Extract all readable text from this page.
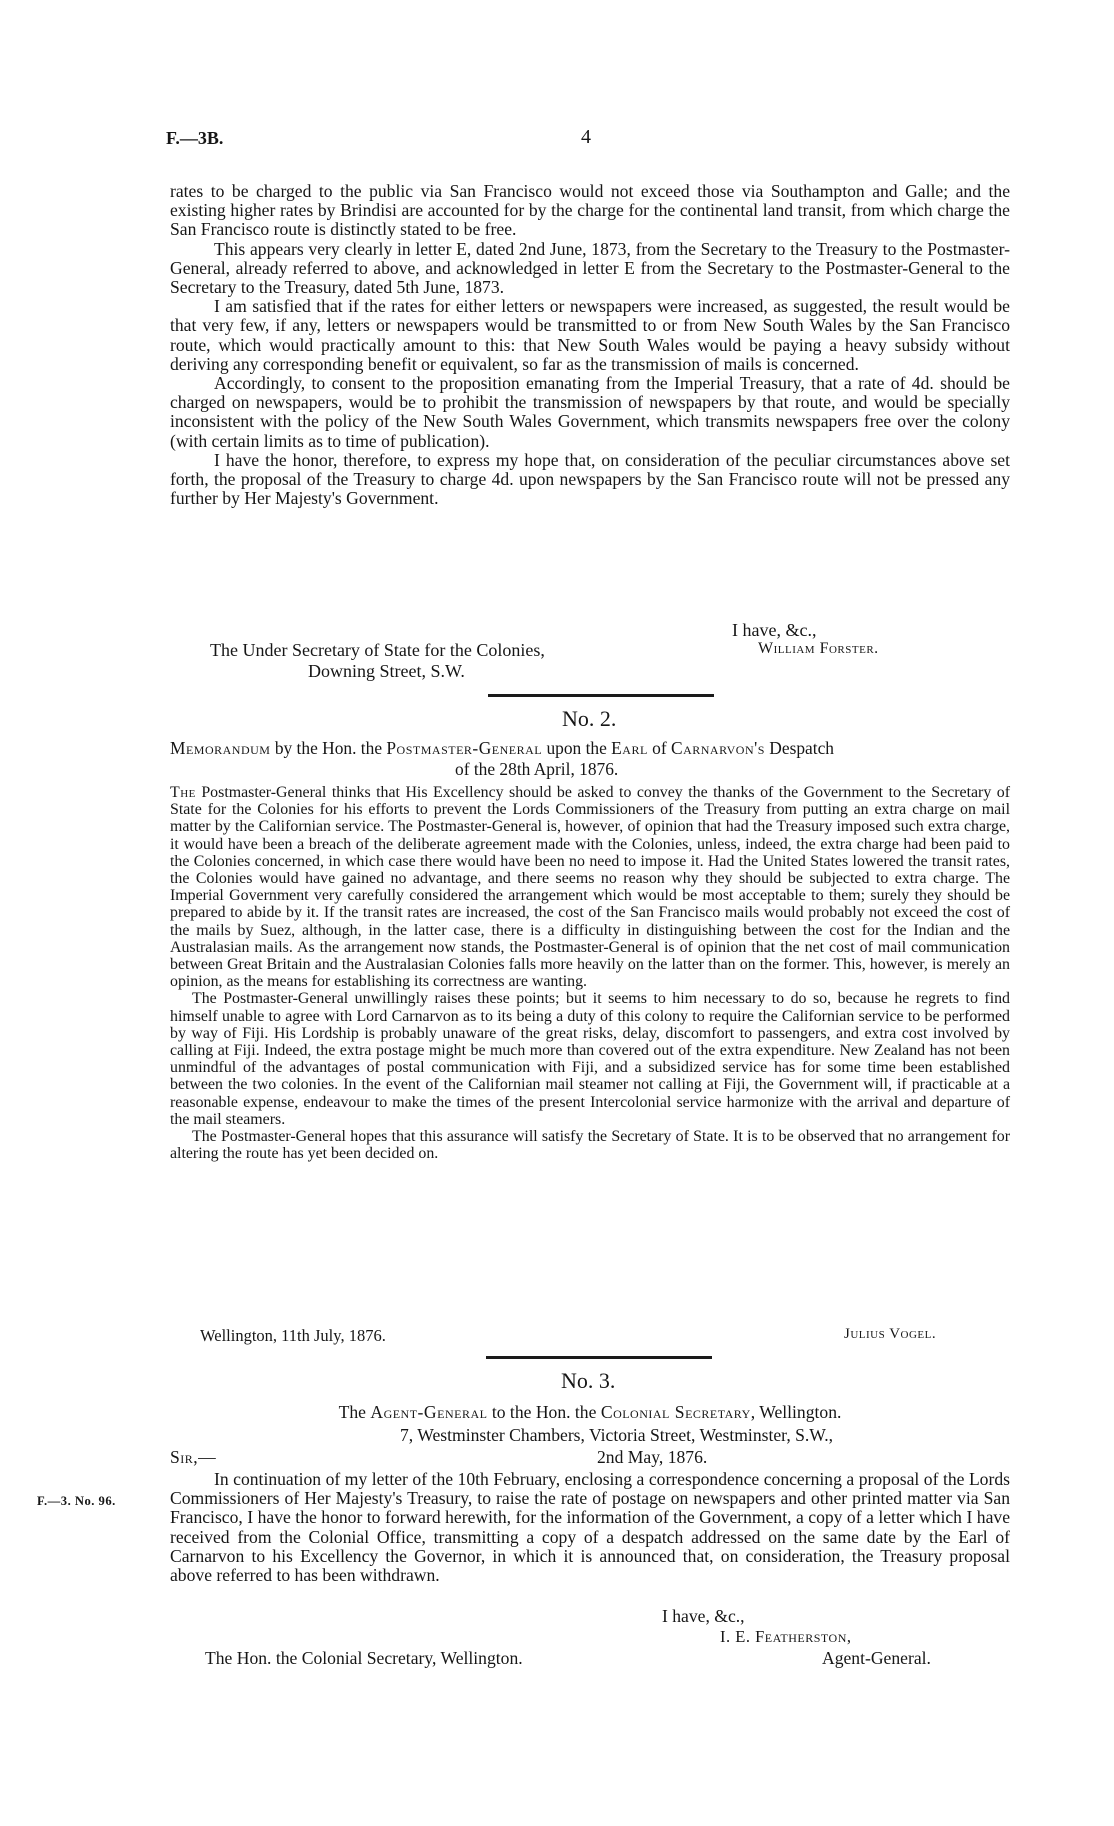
F.—3B.	4

rates to be charged to the public via San Francisco would not exceed those via Southampton and Galle; and the existing higher rates by Brindisi are accounted for by the charge for the continental land transit, from which charge the San Francisco route is distinctly stated to be free.

This appears very clearly in letter E, dated 2nd June, 1873, from the Secretary to the Treasury to the Postmaster-General, already referred to above, and acknowledged in letter E from the Secretary to the Postmaster-General to the Secretary to the Treasury, dated 5th June, 1873.

I am satisfied that if the rates for either letters or newspapers were increased, as suggested, the result would be that very few, if any, letters or newspapers would be transmitted to or from New South Wales by the San Francisco route, which would practically amount to this: that New South Wales would be paying a heavy subsidy without deriving any corresponding benefit or equivalent, so far as the transmission of mails is concerned.

Accordingly, to consent to the proposition emanating from the Imperial Treasury, that a rate of 4d. should be charged on newspapers, would be to prohibit the transmission of newspapers by that route, and would be specially inconsistent with the policy of the New South Wales Government, which transmits newspapers free over the colony (with certain limits as to time of publication).

I have the honor, therefore, to express my hope that, on consideration of the peculiar circumstances above set forth, the proposal of the Treasury to charge 4d. upon newspapers by the San Francisco route will not be pressed any further by Her Majesty's Government.

I have, &c.,
The Under Secretary of State for the Colonies,	William Forster.
Downing Street, S.W.
No. 2.
Memorandum by the Hon. the Postmaster-General upon the Earl of Carnarvon's Despatch
of the 28th April, 1876.

The Postmaster-General thinks that His Excellency should be asked to convey the thanks of the Government to the Secretary of State for the Colonies for his efforts to prevent the Lords Commissioners of the Treasury from putting an extra charge on mail matter by the Californian service. The Postmaster-General is, however, of opinion that had the Treasury imposed such extra charge, it would have been a breach of the deliberate agreement made with the Colonies, unless, indeed, the extra charge had been paid to the Colonies concerned, in which case there would have been no need to impose it. Had the United States lowered the transit rates, the Colonies would have gained no advantage, and there seems no reason why they should be subjected to extra charge. The Imperial Government very carefully considered the arrangement which would be most acceptable to them; surely they should be prepared to abide by it. If the transit rates are increased, the cost of the San Francisco mails would probably not exceed the cost of the mails by Suez, although, in the latter case, there is a difficulty in distinguishing between the cost for the Indian and the Australasian mails. As the arrangement now stands, the Postmaster-General is of opinion that the net cost of mail communication between Great Britain and the Australasian Colonies falls more heavily on the latter than on the former. This, however, is merely an opinion, as the means for establishing its correctness are wanting.

The Postmaster-General unwillingly raises these points; but it seems to him necessary to do so, because he regrets to find himself unable to agree with Lord Carnarvon as to its being a duty of this colony to require the Californian service to be performed by way of Fiji. His Lordship is probably unaware of the great risks, delay, discomfort to passengers, and extra cost involved by calling at Fiji. Indeed, the extra postage might be much more than covered out of the extra expenditure. New Zealand has not been unmindful of the advantages of postal communication with Fiji, and a subsidized service has for some time been established between the two colonies. In the event of the Californian mail steamer not calling at Fiji, the Government will, if practicable at a reasonable expense, endeavour to make the times of the present Intercolonial service harmonize with the arrival and departure of the mail steamers.

The Postmaster-General hopes that this assurance will satisfy the Secretary of State. It is to be observed that no arrangement for altering the route has yet been decided on.

Wellington, 11th July, 1876.	Julius Vogel.
No. 3.
The Agent-General to the Hon. the Colonial Secretary, Wellington.
7, Westminster Chambers, Victoria Street, Westminster, S.W.,
Sir,—	2nd May, 1876.
F.—3. No. 96.

In continuation of my letter of the 10th February, enclosing a correspondence concerning a proposal of the Lords Commissioners of Her Majesty's Treasury, to raise the rate of postage on newspapers and other printed matter via San Francisco, I have the honor to forward herewith, for the information of the Government, a copy of a letter which I have received from the Colonial Office, transmitting a copy of a despatch addressed on the same date by the Earl of Carnarvon to his Excellency the Governor, in which it is announced that, on consideration, the Treasury proposal above referred to has been withdrawn.

I have, &c.,
I. E. Featherston,
The Hon. the Colonial Secretary, Wellington.	Agent-General.
